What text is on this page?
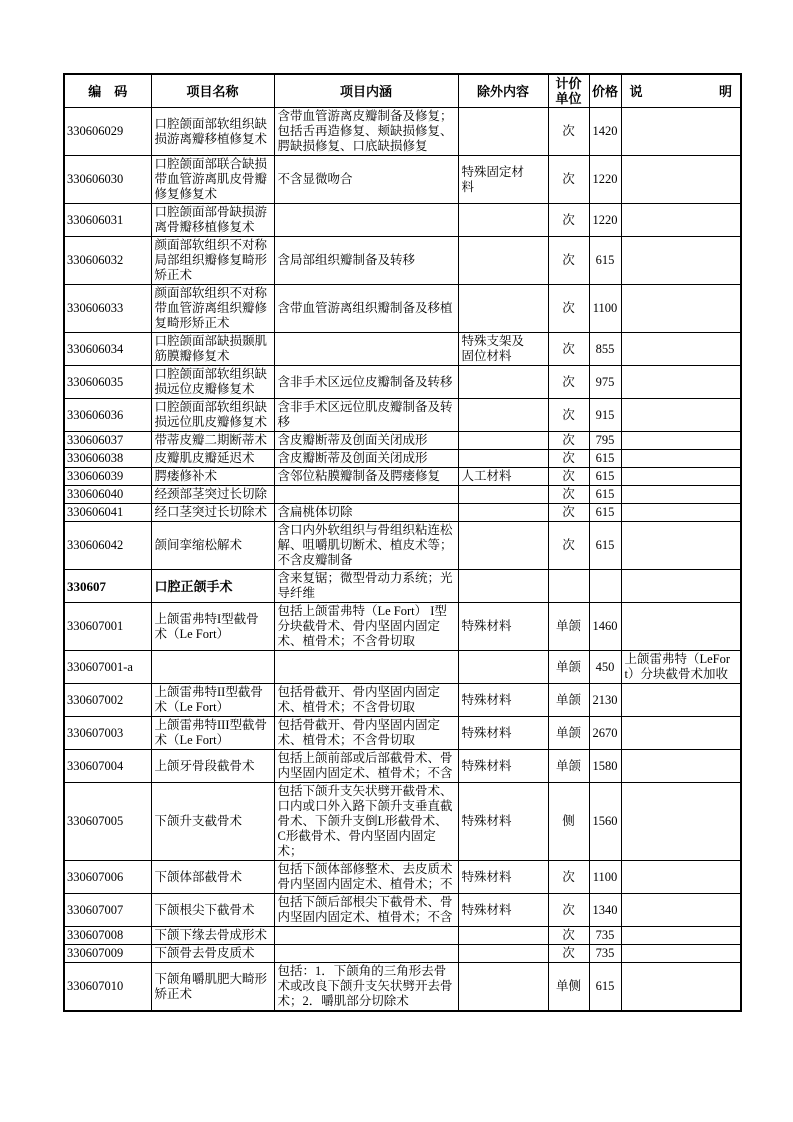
编　码	项目名称	项目内涵	除外内容	计价单位	价格	说明
330606029	口腔颌面部软组织缺损游离瓣移植修复术	含带血管游离皮瓣制备及修复；包括舌再造修复、颊缺损修复、腭缺损修复、口底缺损修复		次	1420	
330606030	口腔颌面部联合缺损带血管游离肌皮骨瓣修复修复术	不含显微吻合	特殊固定材料	次	1220	
330606031	口腔颌面部骨缺损游离骨瓣移植修复术			次	1220	
330606032	颜面部软组织不对称局部组织瓣修复畸形矫正术	含局部组织瓣制备及转移		次	615	
330606033	颜面部软组织不对称带血管游离组织瓣修复畸形矫正术	含带血管游离组织瓣制备及移植		次	1100	
330606034	口腔颌面部缺损颞肌筋膜瓣修复术		特殊支架及固位材料	次	855	
330606035	口腔颌面部软组织缺损远位皮瓣修复术	含非手术区远位皮瓣制备及转移		次	975	
330606036	口腔颌面部软组织缺损远位肌皮瓣修复术	含非手术区远位肌皮瓣制备及转移		次	915	
330606037	带蒂皮瓣二期断蒂术	含皮瓣断蒂及创面关闭成形		次	795	
330606038	皮瓣肌皮瓣延迟术	含皮瓣断蒂及创面关闭成形		次	615	
330606039	腭瘘修补术	含邻位粘膜瓣制备及腭瘘修复	人工材料	次	615	
330606040	经颈部茎突过长切除			次	615	
330606041	经口茎突过长切除术	含扁桃体切除		次	615	
330606042	颌间挛缩松解术	含口内外软组织与骨组织粘连松解、咀嚼肌切断术、植皮术等；不含皮瓣制备		次	615	
330607	口腔正颌手术	含来复锯；微型骨动力系统；光导纤维				
330607001	上颌雷弗特I型截骨术（Le Fort）	包括上颌雷弗特（Le Fort） I型分块截骨术、骨内坚固内固定术、植骨术；不含骨切取	特殊材料	单颌	1460	
330607001-a				单颌	450	上颌雷弗特（LeFort）分块截骨术加收
330607002	上颌雷弗特II型截骨术（Le Fort）	包括骨截开、骨内坚固内固定术、植骨术；不含骨切取	特殊材料	单颌	2130	
330607003	上颌雷弗特III型截骨术（Le Fort）	包括骨截开、骨内坚固内固定术、植骨术；不含骨切取	特殊材料	单颌	2670	
330607004	上颌牙骨段截骨术	包括上颌前部或后部截骨术、骨内坚固内固定术、植骨术；不含	特殊材料	单颌	1580	
330607005	下颌升支截骨术	包括下颌升支矢状劈开截骨术、口内或口外入路下颌升支垂直截骨术、下颌升支倒L形截骨术、C形截骨术、骨内坚固内固定术；	特殊材料	侧	1560	
330607006	下颌体部截骨术	包括下颌体部修整术、去皮质术骨内坚固内固定术、植骨术；不	特殊材料	次	1100	
330607007	下颌根尖下截骨术	包括下颌后部根尖下截骨术、骨内坚固内固定术、植骨术；不含	特殊材料	次	1340	
330607008	下颌下缘去骨成形术			次	735	
330607009	下颌骨去骨皮质术			次	735	
330607010	下颌角嚼肌肥大畸形矫正术	包括：1．下颌角的三角形去骨术或改良下颌升支矢状劈开去骨术；2．嚼肌部分切除术		单侧	615	
